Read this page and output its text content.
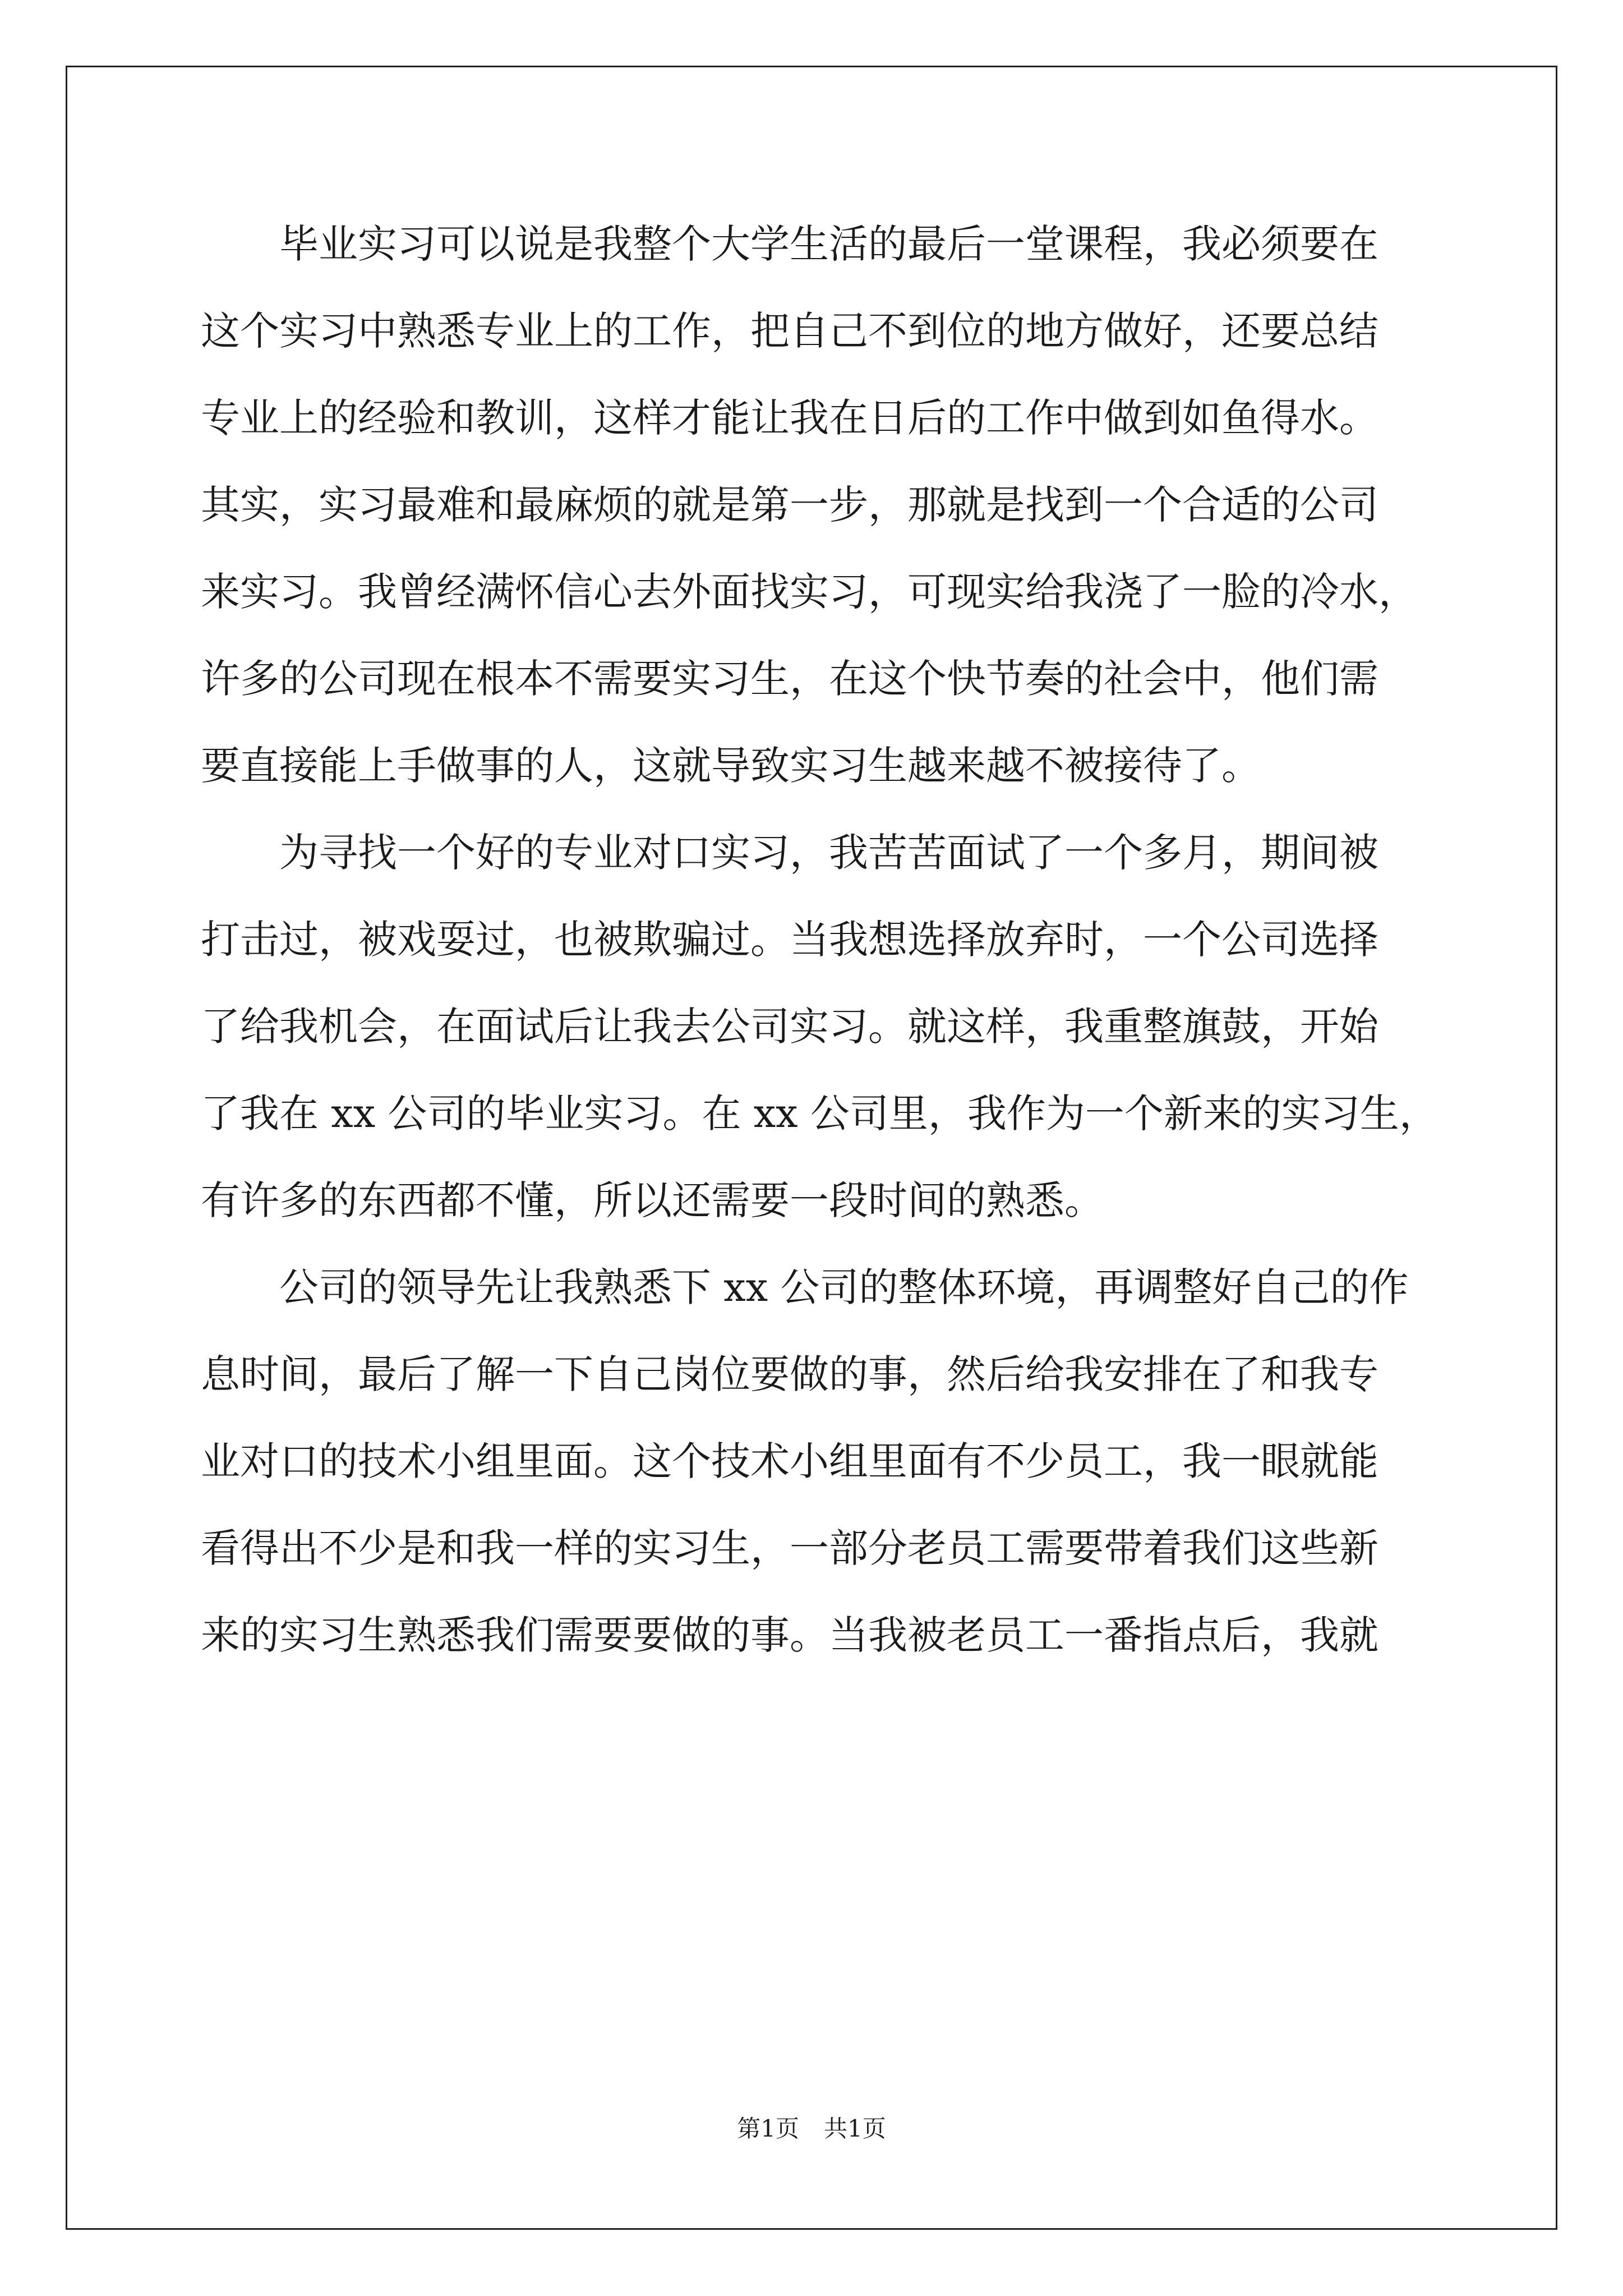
毕业实习可以说是我整个大学生活的最后一堂课程，我必须要在
这个实习中熟悉专业上的工作，把自己不到位的地方做好，还要总结
专业上的经验和教训，这样才能让我在日后的工作中做到如鱼得水。
其实，实习最难和最麻烦的就是第一步，那就是找到一个合适的公司
来实习。我曾经满怀信心去外面找实习，可现实给我浇了一脸的冷水，
许多的公司现在根本不需要实习生，在这个快节奏的社会中，他们需
要直接能上手做事的人，这就导致实习生越来越不被接待了。
为寻找一个好的专业对口实习，我苦苦面试了一个多月，期间被
打击过，被戏耍过，也被欺骗过。当我想选择放弃时，一个公司选择
了给我机会，在面试后让我去公司实习。就这样，我重整旗鼓，开始
了我在 xx 公司的毕业实习。在 xx 公司里，我作为一个新来的实习生，
有许多的东西都不懂，所以还需要一段时间的熟悉。
公司的领导先让我熟悉下 xx 公司的整体环境，再调整好自己的作
息时间，最后了解一下自己岗位要做的事，然后给我安排在了和我专
业对口的技术小组里面。这个技术小组里面有不少员工，我一眼就能
看得出不少是和我一样的实习生，一部分老员工需要带着我们这些新
来的实习生熟悉我们需要要做的事。当我被老员工一番指点后，我就
第1页 共1页
